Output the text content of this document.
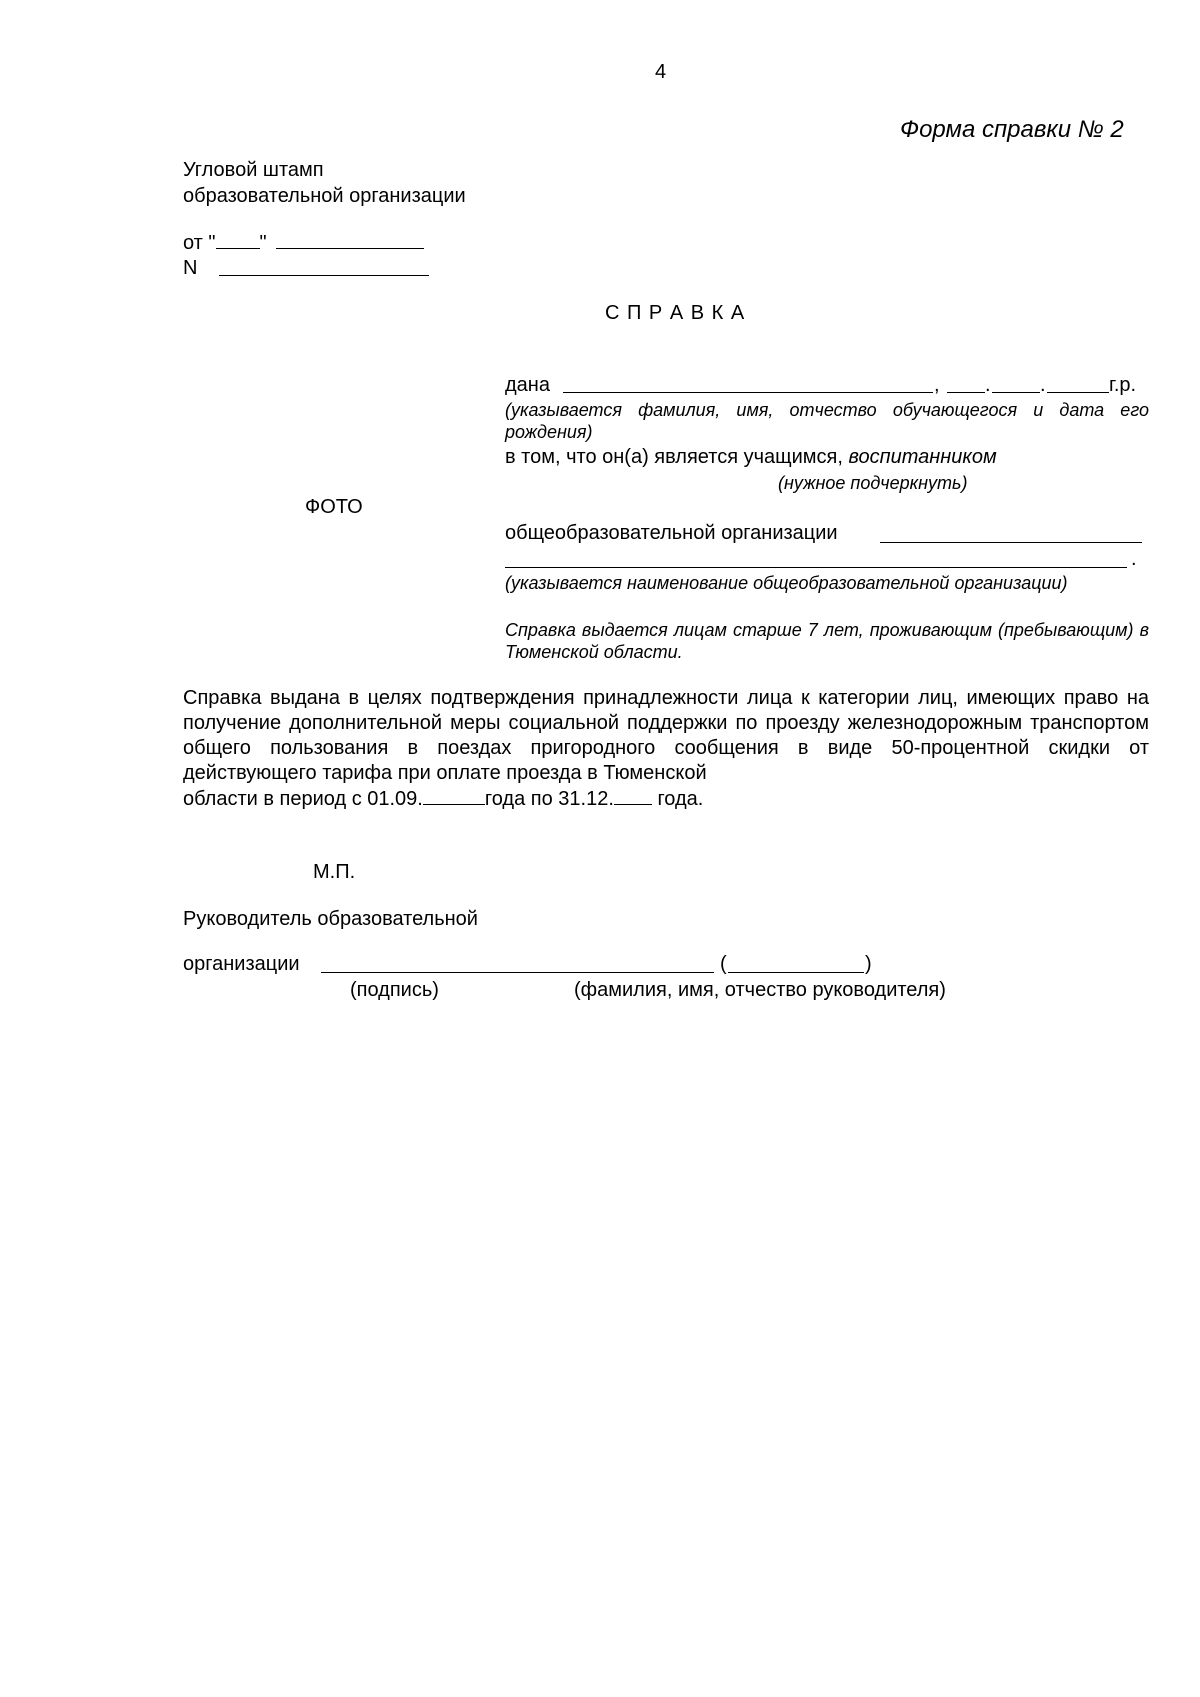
4
Форма справки № 2
Угловой штамп
образовательной организации
от " "
N
С П Р А В К А
ФОТО
дана	, . .	г.р.
(указывается фамилия, имя, отчество обучающегося и дата его рождения)
в том, что он(а) является учащимся, воспитанником
(нужное подчеркнуть)
общеобразовательной организации
.
(указывается наименование общеобразовательной организации)
Справка выдается лицам старше 7 лет, проживающим (пребывающим) в Тюменской области.
Справка выдана в целях подтверждения принадлежности лица к категории лиц, имеющих право на получение дополнительной меры социальной поддержки по проезду железнодорожным транспортом общего пользования в поездах пригородного сообщения в виде 50-процентной скидки от действующего тарифа при оплате проезда в Тюменской
области в период с 01.09.	года по 31.12. года.
М.П.
Руководитель образовательной
организации	(	)
(подпись)	(фамилия, имя, отчество руководителя)
